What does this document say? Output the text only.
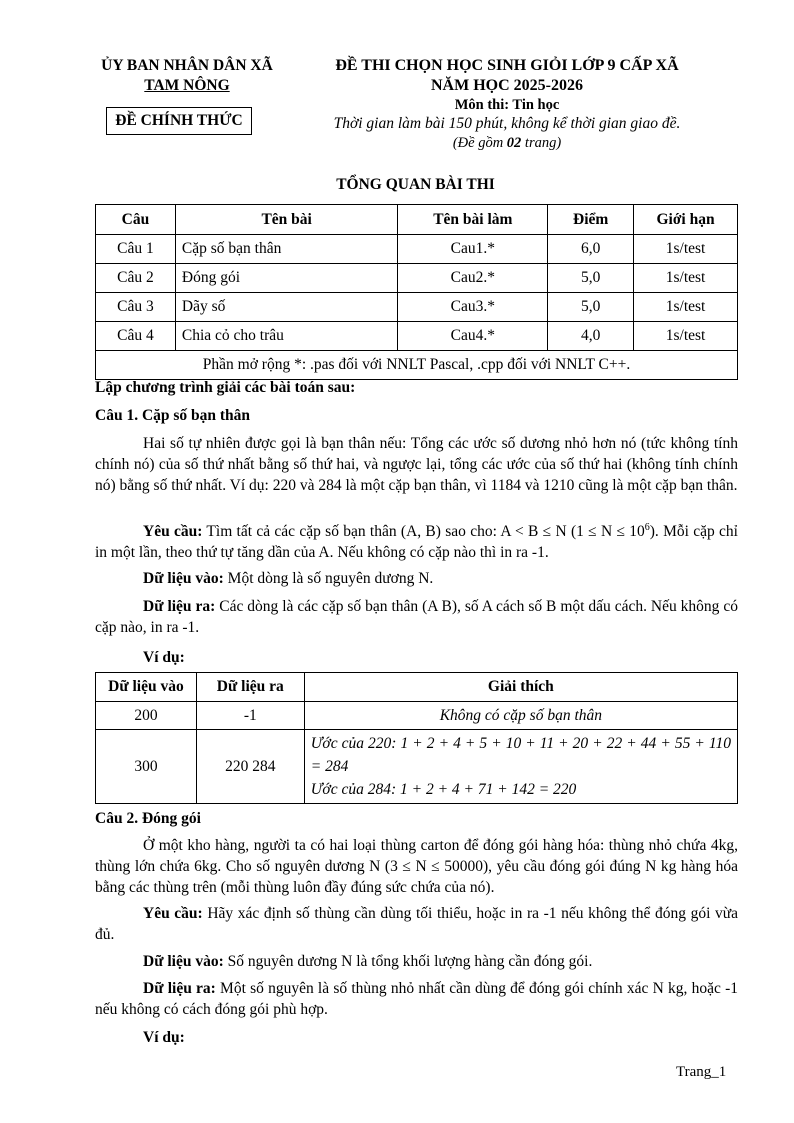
ỦY BAN NHÂN DÂN XÃ
TAM NÔNG
ĐỀ CHÍNH THỨC
ĐỀ THI CHỌN HỌC SINH GIỎI LỚP 9 CẤP XÃ
NĂM HỌC 2025-2026
Môn thi: Tin học
Thời gian làm bài 150 phút, không kể thời gian giao đề.
(Đề gồm 02 trang)
TỔNG QUAN BÀI THI
Câu	Tên bài	Tên bài làm	Điểm	Giới hạn
Câu 1	Cặp số bạn thân	Cau1.*	6,0	1s/test
Câu 2	Đóng gói	Cau2.*	5,0	1s/test
Câu 3	Dãy số	Cau3.*	5,0	1s/test
Câu 4	Chia cỏ cho trâu	Cau4.*	4,0	1s/test
Phần mở rộng *: .pas đối với NNLT Pascal, .cpp đối với NNLT C++.				
Lập chương trình giải các bài toán sau:
Câu 1. Cặp số bạn thân
Hai số tự nhiên được gọi là bạn thân nếu: Tổng các ước số dương nhỏ hơn nó (tức không tính chính nó) của số thứ nhất bằng số thứ hai, và ngược lại, tổng các ước của số thứ hai (không tính chính nó) bằng số thứ nhất. Ví dụ: 220 và 284 là một cặp bạn thân, vì 1184 và 1210 cũng là một cặp bạn thân.
Yêu cầu: Tìm tất cả các cặp số bạn thân (A, B) sao cho: A < B ≤ N $(1 \le N \le 10^6)$. Mỗi cặp chỉ in một lần, theo thứ tự tăng dần của A. Nếu không có cặp nào thì in ra -1.
Dữ liệu vào: Một dòng là số nguyên dương N.
Dữ liệu ra: Các dòng là các cặp số bạn thân (A B), số A cách số B một dấu cách. Nếu không có cặp nào, in ra -1.
Ví dụ:
Dữ liệu vào	Dữ liệu ra	Giải thích
200	-1	Không có cặp số bạn thân
300	220 284	Ước của 220: 1 + 2 + 4 + 5 + 10 + 11 + 20 + 22 + 44 + 55 + 110 = 284
Ước của 284: 1 + 2 + 4 + 71 + 142 = 220
Câu 2. Đóng gói
Ở một kho hàng, người ta có hai loại thùng carton để đóng gói hàng hóa: thùng nhỏ chứa 4kg, thùng lớn chứa 6kg. Cho số nguyên dương N (3 ≤ N ≤ 50000), yêu cầu đóng gói đúng N kg hàng hóa bằng các thùng trên (mỗi thùng luôn đầy đúng sức chứa của nó).
Yêu cầu: Hãy xác định số thùng cần dùng tối thiểu, hoặc in ra -1 nếu không thể đóng gói vừa đủ.
Dữ liệu vào: Số nguyên dương N là tổng khối lượng hàng cần đóng gói.
Dữ liệu ra: Một số nguyên là số thùng nhỏ nhất cần dùng để đóng gói chính xác N kg, hoặc -1 nếu không có cách đóng gói phù hợp.
Ví dụ:
Trang_1
